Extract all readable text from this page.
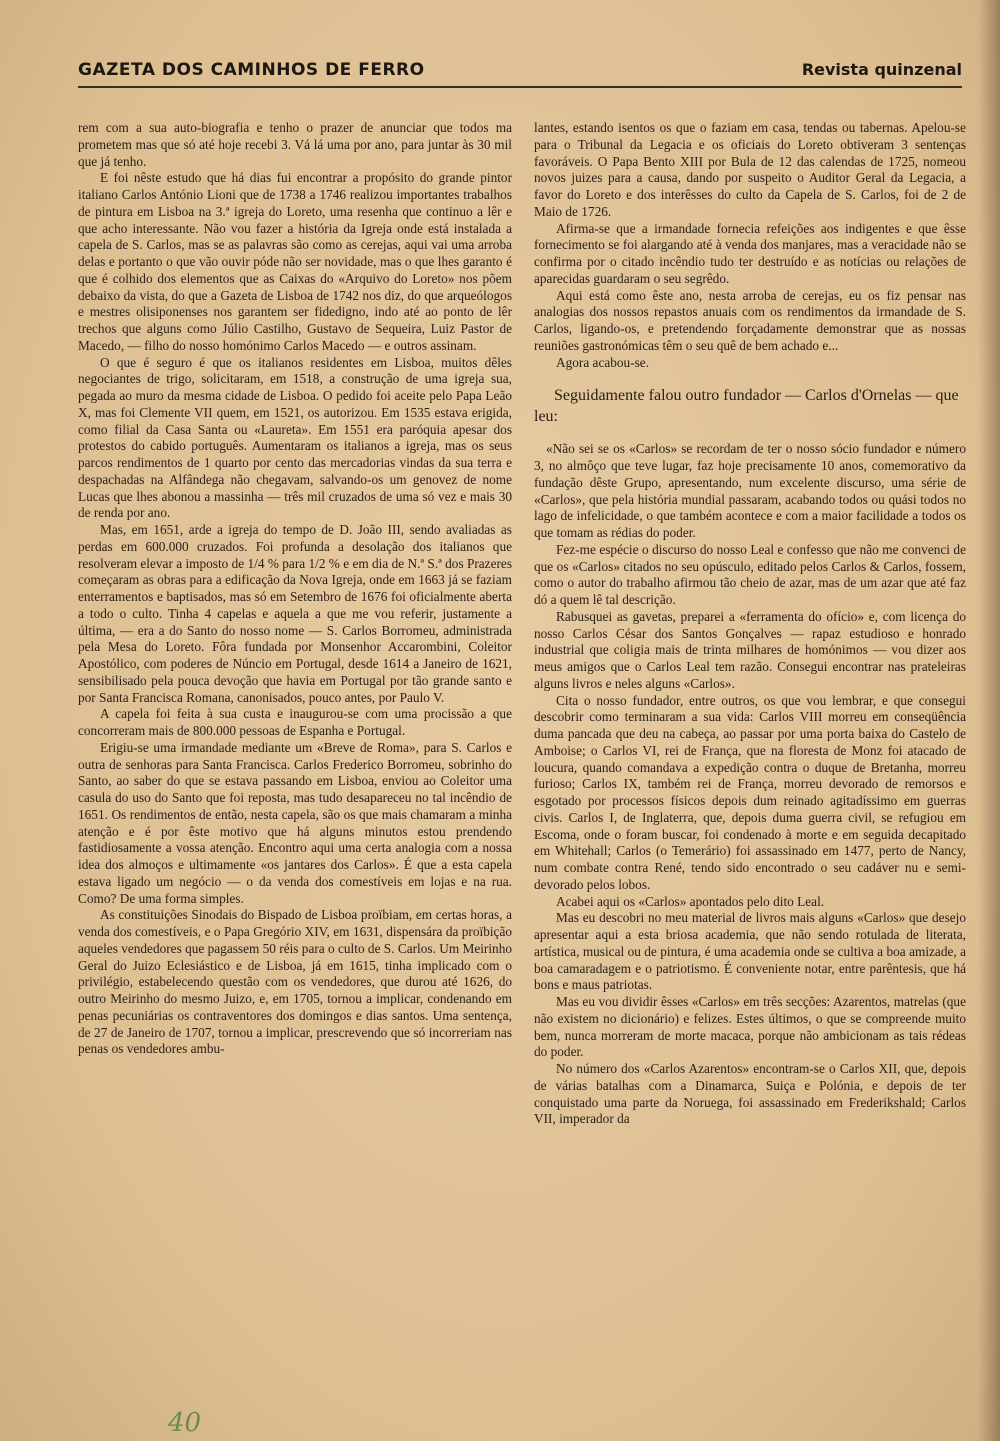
GAZETA DOS CAMINHOS DE FERRO	Revista quinzenal

rem com a sua auto-biografia e tenho o prazer de anunciar que todos ma prometem mas que só até hoje recebi 3. Vá lá uma por ano, para juntar às 30 mil que já tenho.

E foi nêste estudo que há dias fui encontrar a propósito do grande pintor italiano Carlos António Lioni que de 1738 a 1746 realizou importantes trabalhos de pintura em Lisboa na 3.ª igreja do Loreto, uma resenha que continuo a lêr e que acho interessante. Não vou fazer a história da Igreja onde está instalada a capela de S. Carlos, mas se as palavras são como as cerejas, aqui vai uma arroba delas e portanto o que vão ouvir póde não ser novidade, mas o que lhes garanto é que é colhido dos elementos que as Caixas do «Arquivo do Loreto» nos põem debaixo da vista, do que a Gazeta de Lisboa de 1742 nos diz, do que arqueólogos e mestres olisiponenses nos garantem ser fidedigno, indo até ao ponto de lêr trechos que alguns como Júlio Castilho, Gustavo de Sequeira, Luiz Pastor de Macedo, — filho do nosso homónimo Carlos Macedo — e outros assinam.

O que é seguro é que os italianos residentes em Lisboa, muitos dêles negociantes de trigo, solicitaram, em 1518, a construção de uma igreja sua, pegada ao muro da mesma cidade de Lisboa. O pedido foi aceite pelo Papa Leão X, mas foi Clemente VII quem, em 1521, os autorizou. Em 1535 estava erigida, como filial da Casa Santa ou «Laureta». Em 1551 era paróquia apesar dos protestos do cabido português. Aumentaram os italianos a igreja, mas os seus parcos rendimentos de 1 quarto por cento das mercadorias vindas da sua terra e despachadas na Alfândega não chegavam, salvando-os um genovez de nome Lucas que lhes abonou a massinha — três mil cruzados de uma só vez e mais 30 de renda por ano.

Mas, em 1651, arde a igreja do tempo de D. João III, sendo avaliadas as perdas em 600.000 cruzados. Foi profunda a desolação dos italianos que resolveram elevar a imposto de 1/4 % para 1/2 % e em dia de N.ª S.ª dos Prazeres começaram as obras para a edificação da Nova Igreja, onde em 1663 já se faziam enterramentos e baptisados, mas só em Setembro de 1676 foi oficialmente aberta a todo o culto. Tinha 4 capelas e aquela a que me vou referir, justamente a última, — era a do Santo do nosso nome — S. Carlos Borromeu, administrada pela Mesa do Loreto. Fôra fundada por Monsenhor Accarombini, Coleitor Apostólico, com poderes de Núncio em Portugal, desde 1614 a Janeiro de 1621, sensibilisado pela pouca devoção que havia em Portugal por tão grande santo e por Santa Francisca Romana, canonisados, pouco antes, por Paulo V.

A capela foi feita à sua custa e inaugurou-se com uma procissão a que concorreram mais de 800.000 pessoas de Espanha e Portugal.

Erigiu-se uma irmandade mediante um «Breve de Roma», para S. Carlos e outra de senhoras para Santa Francisca. Carlos Frederico Borromeu, sobrinho do Santo, ao saber do que se estava passando em Lisboa, enviou ao Coleitor uma casula do uso do Santo que foi reposta, mas tudo desapareceu no tal incêndio de 1651. Os rendimentos de então, nesta capela, são os que mais chamaram a minha atenção e é por êste motivo que há alguns minutos estou prendendo fastidiosamente a vossa atenção. Encontro aqui uma certa analogia com a nossa idea dos almoços e ultimamente «os jantares dos Carlos». É que a esta capela estava ligado um negócio — o da venda dos comestíveis em lojas e na rua. Como? De uma forma simples.

As constituições Sinodais do Bispado de Lisboa proïbiam, em certas horas, a venda dos comestíveis, e o Papa Gregório XIV, em 1631, dispensára da proïbição aqueles vendedores que pagassem 50 réis para o culto de S. Carlos. Um Meirinho Geral do Juizo Eclesiástico e de Lisboa, já em 1615, tinha implicado com o privilégio, estabelecendo questão com os vendedores, que durou até 1626, do outro Meirinho do mesmo Juizo, e, em 1705, tornou a implicar, condenando em penas pecuniárias os contraventores dos domingos e dias santos. Uma sentença, de 27 de Janeiro de 1707, tornou a implicar, prescrevendo que só incorreriam nas penas os vendedores ambu-

lantes, estando isentos os que o faziam em casa, tendas ou tabernas. Apelou-se para o Tribunal da Legacia e os oficiais do Loreto obtiveram 3 sentenças favoráveis. O Papa Bento XIII por Bula de 12 das calendas de 1725, nomeou novos juizes para a causa, dando por suspeito o Auditor Geral da Legacia, a favor do Loreto e dos interêsses do culto da Capela de S. Carlos, foi de 2 de Maio de 1726.

Afirma-se que a irmandade fornecia refeições aos indigentes e que êsse fornecimento se foi alargando até à venda dos manjares, mas a veracidade não se confirma por o citado incêndio tudo ter destruído e as notícias ou relações de aparecidas guardaram o seu segrêdo.

Aqui está como êste ano, nesta arroba de cerejas, eu os fiz pensar nas analogias dos nossos repastos anuais com os rendimentos da irmandade de S. Carlos, ligando-os, e pretendendo forçadamente demonstrar que as nossas reuniões gastronómicas têm o seu quê de bem achado e...

Agora acabou-se.

Seguidamente falou outro fundador — Carlos d'Ornelas — que leu:

«Não sei se os «Carlos» se recordam de ter o nosso sócio fundador e número 3, no almôço que teve lugar, faz hoje precisamente 10 anos, comemorativo da fundação dêste Grupo, apresentando, num excelente discurso, uma série de «Carlos», que pela história mundial passaram, acabando todos ou quási todos no lago de infelicidade, o que também acontece e com a maior facilidade a todos os que tomam as rédias do poder.

Fez-me espécie o discurso do nosso Leal e confesso que não me convenci de que os «Carlos» citados no seu opúsculo, editado pelos Carlos & Carlos, fossem, como o autor do trabalho afirmou tão cheio de azar, mas de um azar que até faz dó a quem lê tal descrição.

Rabusquei as gavetas, preparei a «ferramenta do ofício» e, com licença do nosso Carlos César dos Santos Gonçalves — rapaz estudioso e honrado industrial que coligia mais de trinta milhares de homónimos — vou dizer aos meus amigos que o Carlos Leal tem razão. Consegui encontrar nas prateleiras alguns livros e neles alguns «Carlos».

Cita o nosso fundador, entre outros, os que vou lembrar, e que consegui descobrir como terminaram a sua vida: Carlos VIII morreu em conseqüência duma pancada que deu na cabeça, ao passar por uma porta baixa do Castelo de Amboise; o Carlos VI, rei de França, que na floresta de Monz foi atacado de loucura, quando comandava a expedição contra o duque de Bretanha, morreu furioso; Carlos IX, também rei de França, morreu devorado de remorsos e esgotado por processos físicos depois dum reinado agitadíssimo em guerras civis. Carlos I, de Inglaterra, que, depois duma guerra civil, se refugiou em Escoma, onde o foram buscar, foi condenado à morte e em seguida decapitado em Whitehall; Carlos (o Temerário) foi assassinado em 1477, perto de Nancy, num combate contra René, tendo sido encontrado o seu cadáver nu e semi-devorado pelos lobos.

Acabei aqui os «Carlos» apontados pelo dito Leal.

Mas eu descobri no meu material de livros mais alguns «Carlos» que desejo apresentar aqui a esta briosa academia, que não sendo rotulada de literata, artística, musical ou de pintura, é uma academia onde se cultiva a boa amizade, a boa camaradagem e o patriotismo. É conveniente notar, entre parêntesis, que há bons e maus patriotas.

Mas eu vou dividir êsses «Carlos» em três secções: Azarentos, matrelas (que não existem no dicionário) e felizes. Estes últimos, o que se compreende muito bem, nunca morreram de morte macaca, porque não ambicionam as tais rédeas do poder.

No número dos «Carlos Azarentos» encontram-se o Carlos XII, que, depois de várias batalhas com a Dinamarca, Suiça e Polónia, e depois de ter conquistado uma parte da Noruega, foi assassinado em Frederikshald; Carlos VII, imperador da

40
